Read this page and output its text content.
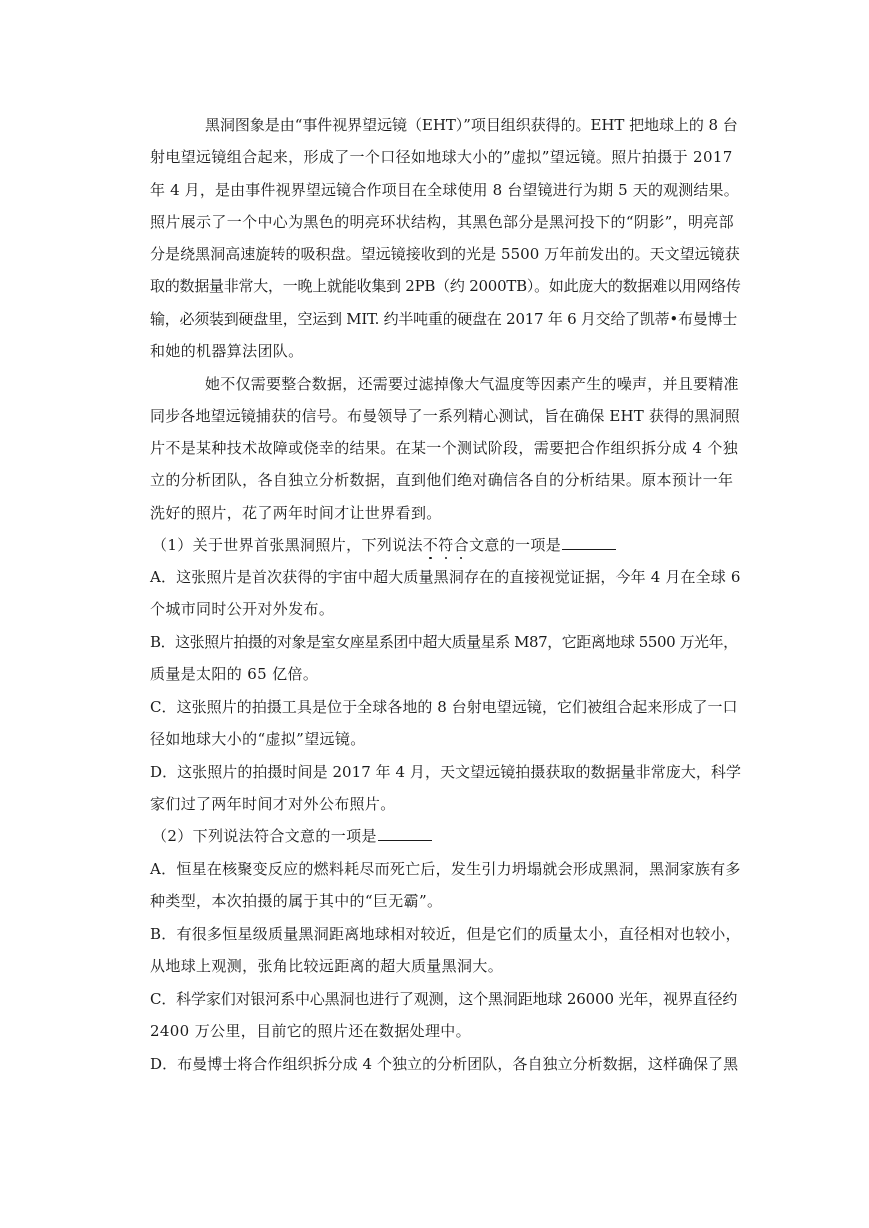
黑洞图象是由“事件视界望远镜（EHT）”项目组织获得的。EHT 把地球上的 8 台
射电望远镜组合起来，形成了一个口径如地球大小的”虚拟”望远镜。照片拍摄于 2017
年 4 月，是由事件视界望远镜合作项目在全球使用 8 台望镜进行为期 5 天的观测结果。
照片展示了一个中心为黑色的明亮环状结构，其黑色部分是黑河投下的“阴影”，明亮部
分是绕黑洞高速旋转的吸积盘。望远镜接收到的光是 5500 万年前发出的。天文望远镜获
取的数据量非常大，一晚上就能收集到 2PB（约 2000TB）。如此庞大的数据难以用网络传
输，必须装到硬盘里，空运到 MIT. 约半吨重的硬盘在 2017 年 6 月交给了凯蒂•布曼博士
和她的机器算法团队。
她不仅需要整合数据，还需要过滤掉像大气温度等因素产生的噪声，并且要精准
同步各地望远镜捕获的信号。布曼领导了一系列精心测试，旨在确保 EHT 获得的黑洞照
片不是某种技术故障或侥幸的结果。在某一个测试阶段，需要把合作组织拆分成 4 个独
立的分析团队，各自独立分析数据，直到他们绝对确信各自的分析结果。原本预计一年
洗好的照片，花了两年时间才让世界看到。
（1）关于世界首张黑洞照片，下列说法不符合文意的一项是
A．这张照片是首次获得的宇宙中超大质量黑洞存在的直接视觉证据，今年 4 月在全球 6
个城市同时公开对外发布。
B．这张照片拍摄的对象是室女座星系团中超大质量星系 M87，它距离地球 5500 万光年，
质量是太阳的 65 亿倍。
C．这张照片的拍摄工具是位于全球各地的 8 台射电望远镜，它们被组合起来形成了一口
径如地球大小的“虚拟”望远镜。
D．这张照片的拍摄时间是 2017 年 4 月，天文望远镜拍摄获取的数据量非常庞大，科学
家们过了两年时间才对外公布照片。
（2）下列说法符合文意的一项是
A．恒星在核聚变反应的燃料耗尽而死亡后，发生引力坍塌就会形成黑洞，黑洞家族有多
种类型，本次拍摄的属于其中的“巨无霸”。
B．有很多恒星级质量黑洞距离地球相对较近，但是它们的质量太小，直径相对也较小，
从地球上观测，张角比较远距离的超大质量黑洞大。
C．科学家们对银河系中心黑洞也进行了观测，这个黑洞距地球 26000 光年，视界直径约
2400 万公里，目前它的照片还在数据处理中。
D．布曼博士将合作组织拆分成 4 个独立的分析团队，各自独立分析数据，这样确保了黑
